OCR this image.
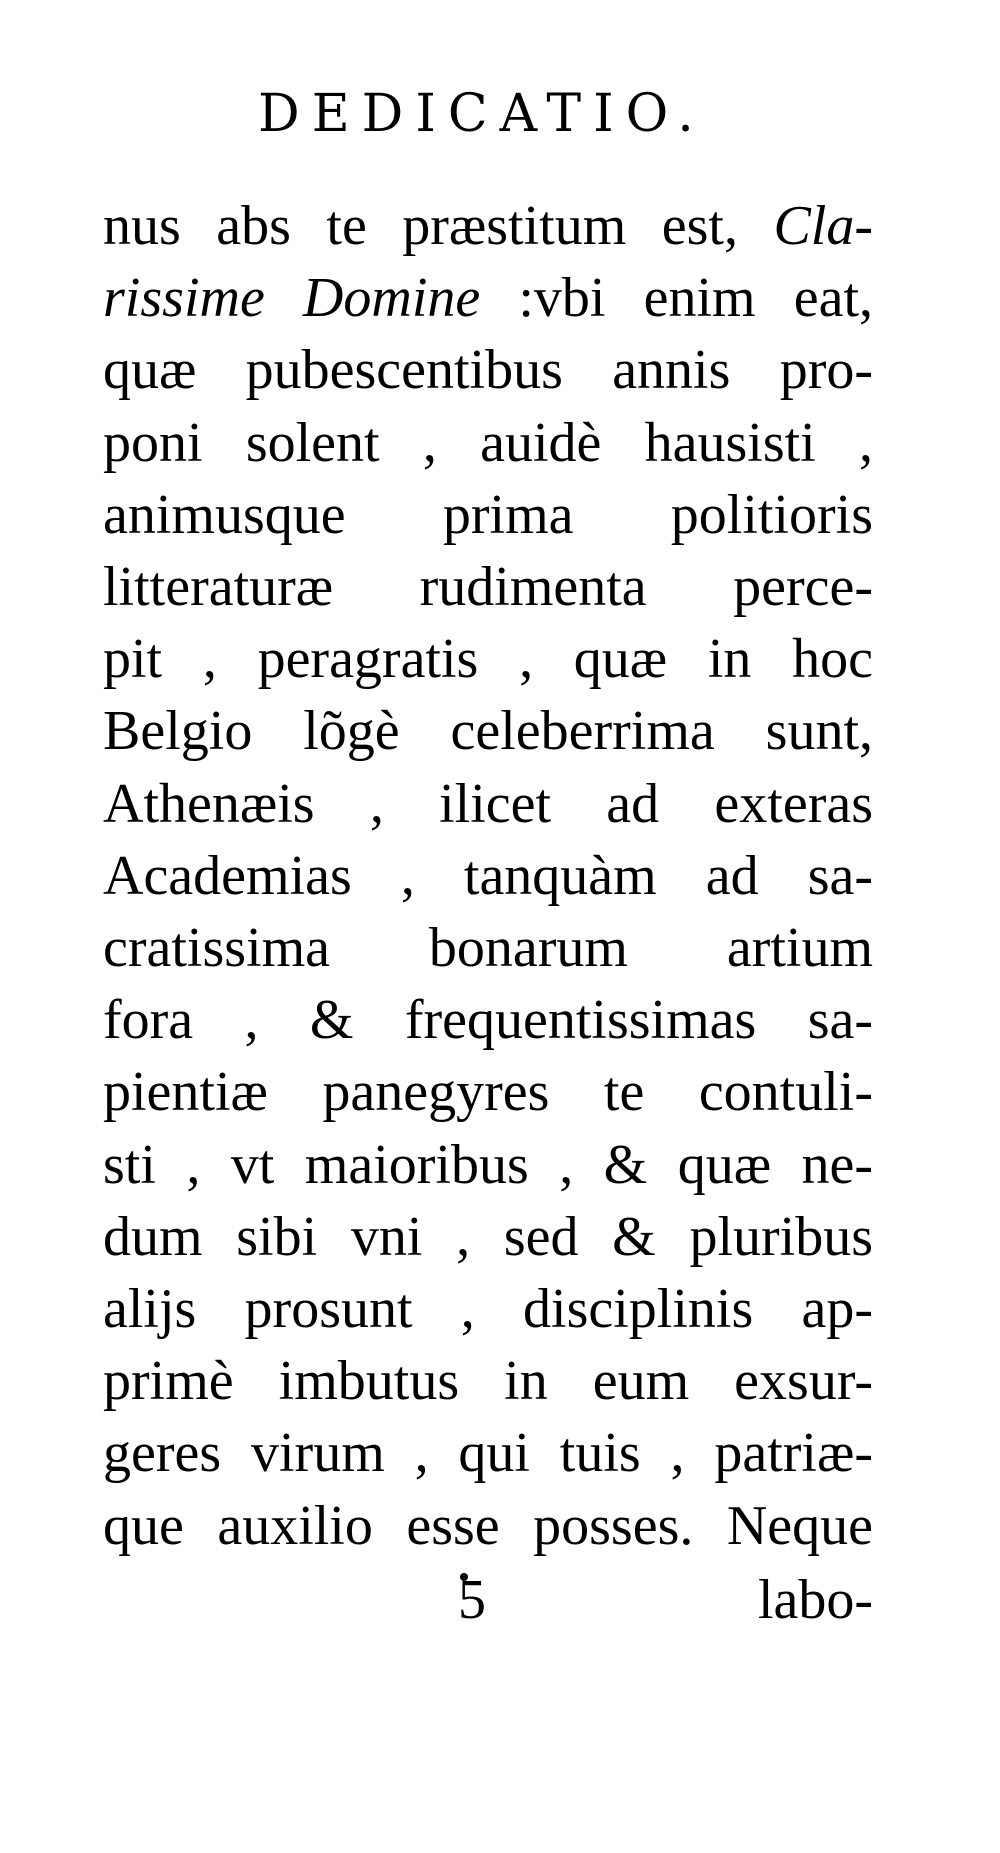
DEDICATIO.
nus abs te præstitum est, Cla-
rissime Domine :vbi enim eat,
quæ pubescentibus annis pro-
poni solent , auidè hausisti ,
animusque prima politioris
litteraturæ rudimenta perce-
pit , peragratis , quæ in hoc
Belgio lõgè celeberrima sunt,
Athenæis , ilicet ad exteras
Academias , tanquàm ad sa-
cratissima bonarum artium
fora , & frequentissimas sa-
pientiæ panegyres te contuli-
sti , vt maioribus , & quæ ne-
dum sibi vni , sed & pluribus
alijs prosunt , disciplinis ap-
primè imbutus in eum exsur-
geres virum , qui tuis , patriæ-
que auxilio esse posses. Neque
5	labo-
